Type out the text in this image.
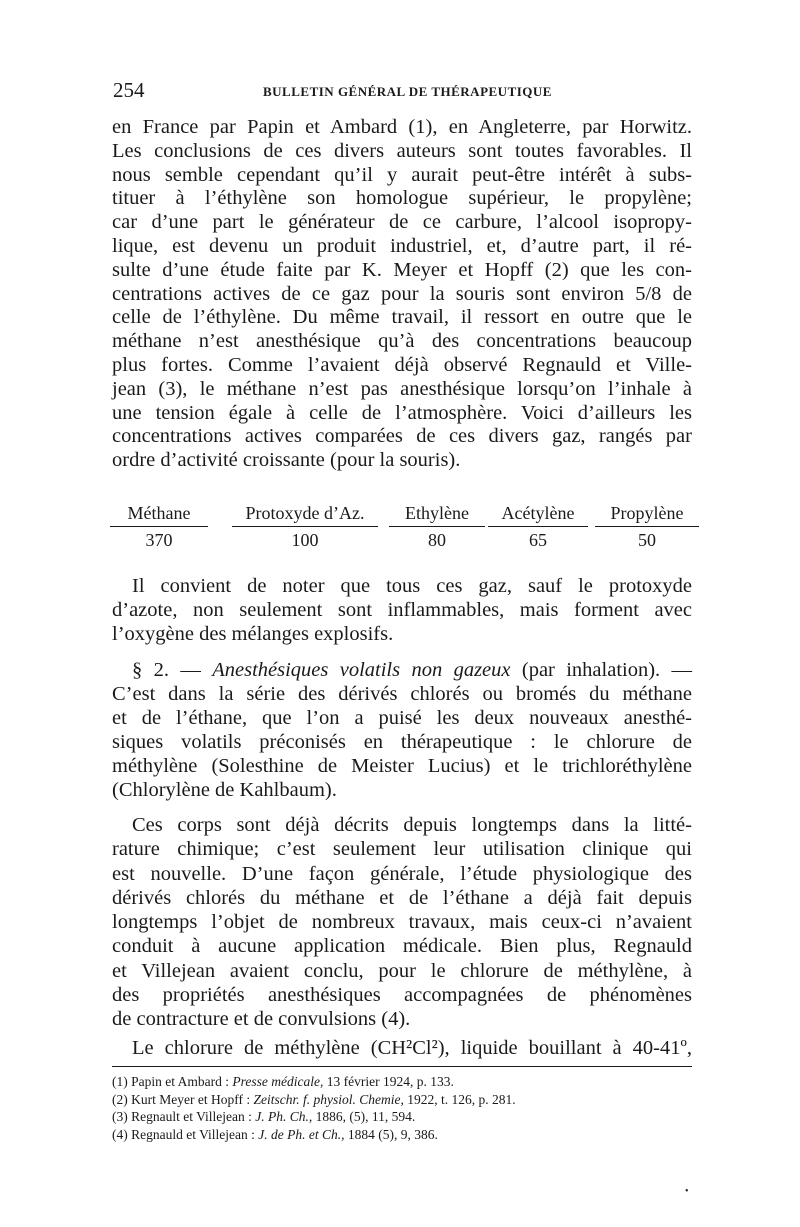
254	BULLETIN GÉNÉRAL DE THÉRAPEUTIQUE
en France par Papin et Ambard (1), en Angleterre, par Horwitz.
Les conclusions de ces divers auteurs sont toutes favorables. Il
nous semble cependant qu’il y aurait peut-être intérêt à subs-
tituer à l’éthylène son homologue supérieur, le propylène;
car d’une part le générateur de ce carbure, l’alcool isopropy-
lique, est devenu un produit industriel, et, d’autre part, il ré-
sulte d’une étude faite par K. Meyer et Hopff (2) que les con-
centrations actives de ce gaz pour la souris sont environ 5/8 de
celle de l’éthylène. Du même travail, il ressort en outre que le
méthane n’est anesthésique qu’à des concentrations beaucoup
plus fortes. Comme l’avaient déjà observé Regnauld et Ville-
jean (3), le méthane n’est pas anesthésique lorsqu’on l’inhale à
une tension égale à celle de l’atmosphère. Voici d’ailleurs les
concentrations actives comparées de ces divers gaz, rangés par
ordre d’activité croissante (pour la souris).
Méthane
370
Protoxyde d’Az.
100
Ethylène
80
Acétylène
65
Propylène
50
Il convient de noter que tous ces gaz, sauf le protoxyde
d’azote, non seulement sont inflammables, mais forment avec
l’oxygène des mélanges explosifs.
§ 2. — Anesthésiques volatils non gazeux (par inhalation). —
C’est dans la série des dérivés chlorés ou bromés du méthane
et de l’éthane, que l’on a puisé les deux nouveaux anesthé-
siques volatils préconisés en thérapeutique : le chlorure de
méthylène (Solesthine de Meister Lucius) et le trichloréthylène
(Chlorylène de Kahlbaum).
Ces corps sont déjà décrits depuis longtemps dans la litté-
rature chimique; c’est seulement leur utilisation clinique qui
est nouvelle. D’une façon générale, l’étude physiologique des
dérivés chlorés du méthane et de l’éthane a déjà fait depuis
longtemps l’objet de nombreux travaux, mais ceux-ci n’avaient
conduit à aucune application médicale. Bien plus, Regnauld
et Villejean avaient conclu, pour le chlorure de méthylène, à
des propriétés anesthésiques accompagnées de phénomènes
de contracture et de convulsions (4).
Le chlorure de méthylène (CH²Cl²), liquide bouillant à 40-41º,
(1) Papin et Ambard : Presse médicale, 13 février 1924, p. 133.
(2) Kurt Meyer et Hopff : Zeitschr. f. physiol. Chemie, 1922, t. 126, p. 281.
(3) Regnault et Villejean : J. Ph. Ch., 1886, (5), 11, 594.
(4) Regnauld et Villejean : J. de Ph. et Ch., 1884 (5), 9, 386.
•
